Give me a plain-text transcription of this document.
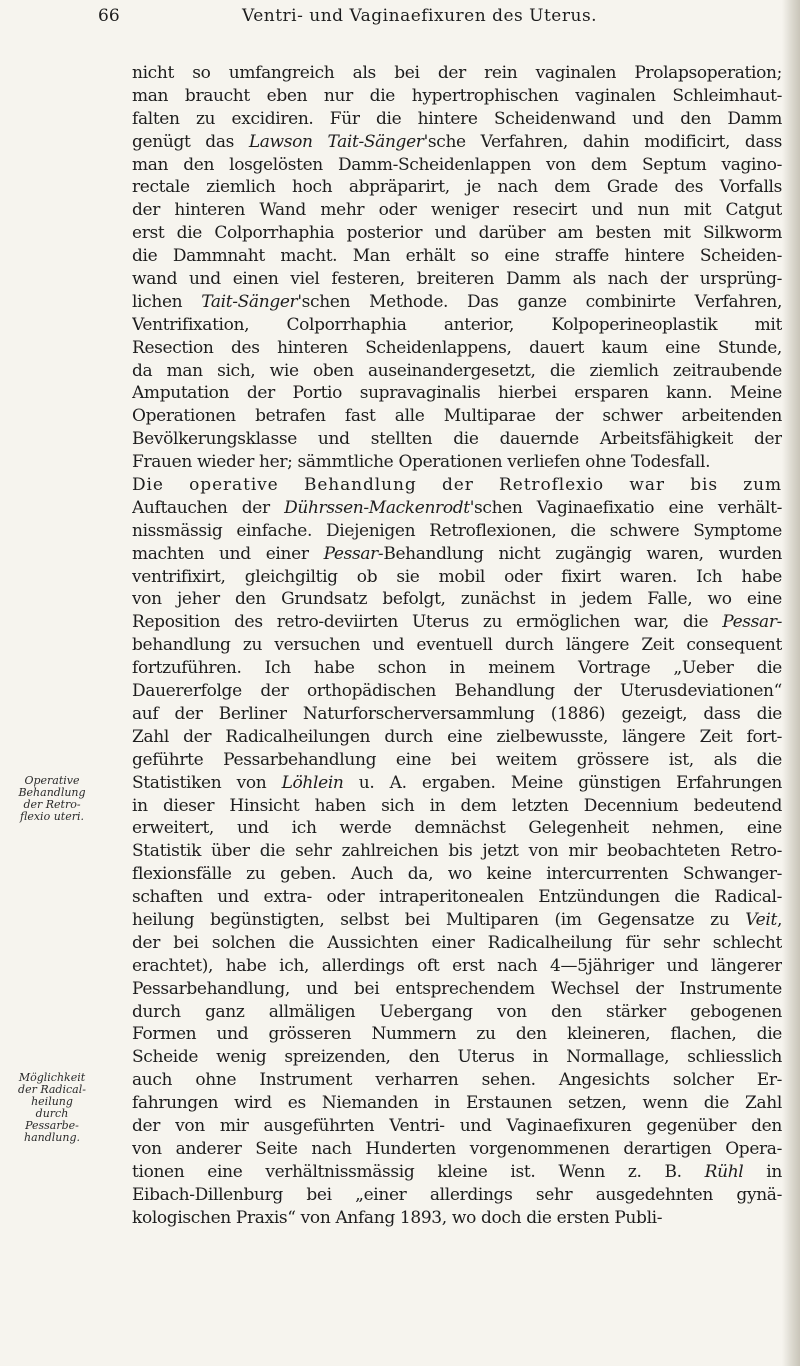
66	Ventri- und Vaginaefixuren des Uterus.
Operative
Behandlung
der Retro-
flexio uteri.
Möglichkeit
der Radical-
heilung
durch
Pessarbe-
handlung.
nicht so umfangreich als bei der rein vaginalen Prolapsoperation;
man braucht eben nur die hypertrophischen vaginalen Schleimhaut-
falten zu excidiren. Für die hintere Scheidenwand und den Damm
genügt das Lawson Tait-Sänger'sche Verfahren, dahin modificirt, dass
man den losgelösten Damm-Scheidenlappen von dem Septum vagino-
rectale ziemlich hoch abpräparirt, je nach dem Grade des Vorfalls
der hinteren Wand mehr oder weniger resecirt und nun mit Catgut
erst die Colporrhaphia posterior und darüber am besten mit Silkworm
die Dammnaht macht. Man erhält so eine straffe hintere Scheiden-
wand und einen viel festeren, breiteren Damm als nach der ursprüng-
lichen Tait-Sänger'schen Methode. Das ganze combinirte Verfahren,
Ventrifixation, Colporrhaphia anterior, Kolpoperineoplastik mit
Resection des hinteren Scheidenlappens, dauert kaum eine Stunde,
da man sich, wie oben auseinandergesetzt, die ziemlich zeitraubende
Amputation der Portio supravaginalis hierbei ersparen kann. Meine
Operationen betrafen fast alle Multiparae der schwer arbeitenden
Bevölkerungsklasse und stellten die dauernde Arbeitsfähigkeit der
Frauen wieder her; sämmtliche Operationen verliefen ohne Todesfall.
Die operative Behandlung der Retroflexio war bis zum
Auftauchen der Dührssen-Mackenrodt'schen Vaginaefixatio eine verhält-
nissmässig einfache. Diejenigen Retroflexionen, die schwere Symptome
machten und einer Pessar-Behandlung nicht zugängig waren, wurden
ventrifixirt, gleichgiltig ob sie mobil oder fixirt waren. Ich habe
von jeher den Grundsatz befolgt, zunächst in jedem Falle, wo eine
Reposition des retro-deviirten Uterus zu ermöglichen war, die Pessar-
behandlung zu versuchen und eventuell durch längere Zeit consequent
fortzuführen. Ich habe schon in meinem Vortrage „Ueber die
Dauererfolge der orthopädischen Behandlung der Uterusdeviationen“
auf der Berliner Naturforscherversammlung (1886) gezeigt, dass die
Zahl der Radicalheilungen durch eine zielbewusste, längere Zeit fort-
geführte Pessarbehandlung eine bei weitem grössere ist, als die
Statistiken von Löhlein u. A. ergaben. Meine günstigen Erfahrungen
in dieser Hinsicht haben sich in dem letzten Decennium bedeutend
erweitert, und ich werde demnächst Gelegenheit nehmen, eine
Statistik über die sehr zahlreichen bis jetzt von mir beobachteten Retro-
flexionsfälle zu geben. Auch da, wo keine intercurrenten Schwanger-
schaften und extra- oder intraperitonealen Entzündungen die Radical-
heilung begünstigten, selbst bei Multiparen (im Gegensatze zu Veit,
der bei solchen die Aussichten einer Radicalheilung für sehr schlecht
erachtet), habe ich, allerdings oft erst nach 4—5jähriger und längerer
Pessarbehandlung, und bei entsprechendem Wechsel der Instrumente
durch ganz allmäligen Uebergang von den stärker gebogenen
Formen und grösseren Nummern zu den kleineren, flachen, die
Scheide wenig spreizenden, den Uterus in Normallage, schliesslich
auch ohne Instrument verharren sehen. Angesichts solcher Er-
fahrungen wird es Niemanden in Erstaunen setzen, wenn die Zahl
der von mir ausgeführten Ventri- und Vaginaefixuren gegenüber den
von anderer Seite nach Hunderten vorgenommenen derartigen Opera-
tionen eine verhältnissmässig kleine ist. Wenn z. B. Rühl in
Eibach-Dillenburg bei „einer allerdings sehr ausgedehnten gynä-
kologischen Praxis“ von Anfang 1893, wo doch die ersten Publi-
